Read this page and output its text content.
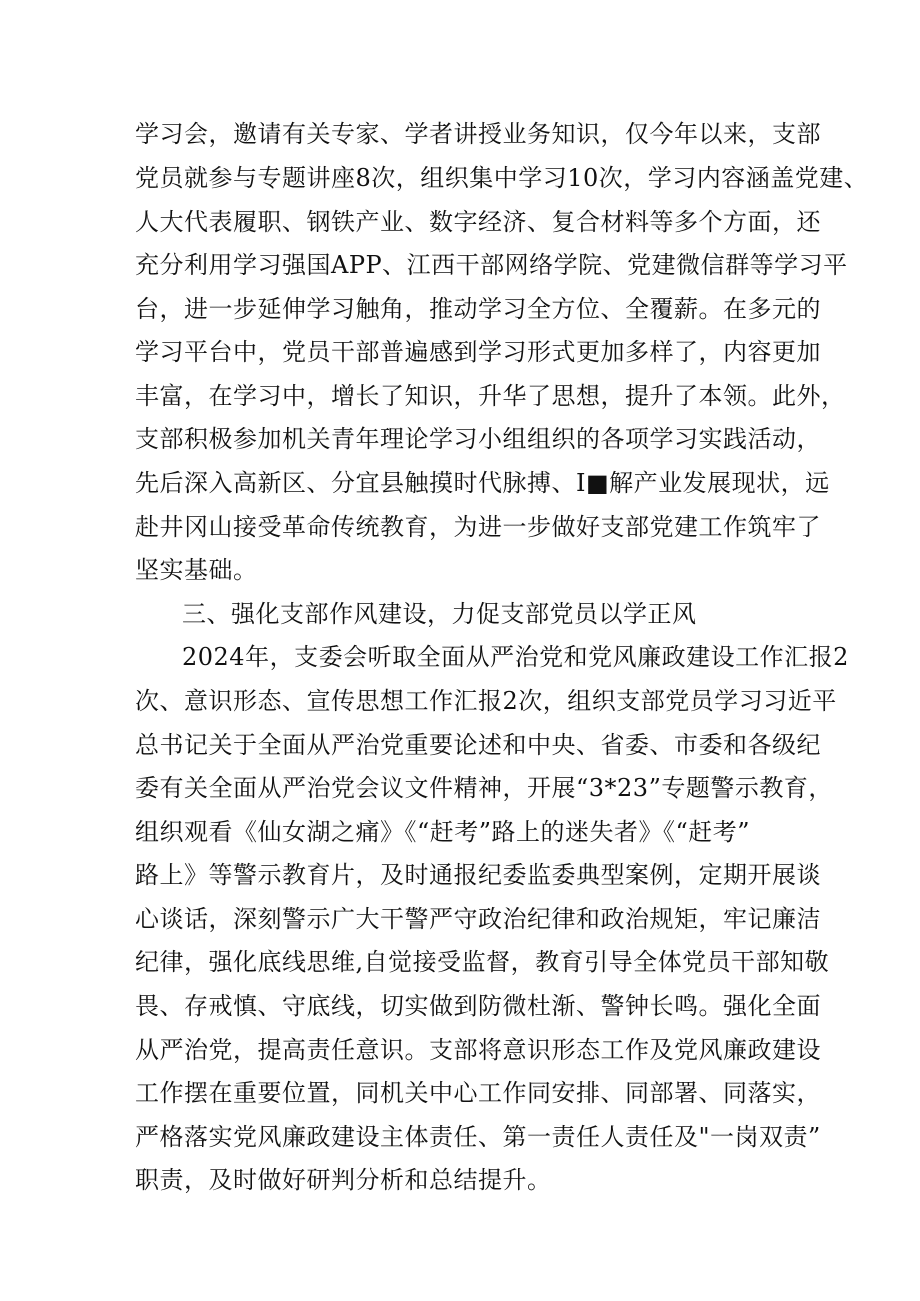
学习会，邀请有关专家、学者讲授业务知识，仅今年以来，支部
党员就参与专题讲座8次，组织集中学习10次，学习内容涵盖党建、
人大代表履职、钢铁产业、数字经济、复合材料等多个方面，还
充分利用学习强国APP、江西干部网络学院、党建微信群等学习平
台，进一步延伸学习触角，推动学习全方位、全覆薪。在多元的
学习平台中，党员干部普遍感到学习形式更加多样了，内容更加
丰富，在学习中，增长了知识，升华了思想，提升了本领。此外，
支部积极参加机关青年理论学习小组组织的各项学习实践活动，
先后深入高新区、分宜县触摸时代脉搏、I■解产业发展现状，远
赴井冈山接受革命传统教育，为进一步做好支部党建工作筑牢了
坚实基础。
三、强化支部作风建设，力促支部党员以学正风
2024年，支委会听取全面从严治党和党风廉政建设工作汇报2
次、意识形态、宣传思想工作汇报2次，组织支部党员学习习近平
总书记关于全面从严治党重要论述和中央、省委、市委和各级纪
委有关全面从严治党会议文件精神，开展“3*23”专题警示教育，
组织观看《仙女湖之痛》《“赶考”路上的迷失者》《“赶考”
路上》等警示教育片，及时通报纪委监委典型案例，定期开展谈
心谈话，深刻警示广大干警严守政治纪律和政治规矩，牢记廉洁
纪律，强化底线思维,自觉接受监督，教育引导全体党员干部知敬
畏、存戒慎、守底线，切实做到防微杜渐、警钟长鸣。强化全面
从严治党，提高责任意识。支部将意识形态工作及党风廉政建设
工作摆在重要位置，同机关中心工作同安排、同部署、同落实，
严格落实党风廉政建设主体责任、第一责任人责任及"一岗双责”
职责，及时做好研判分析和总结提升。
